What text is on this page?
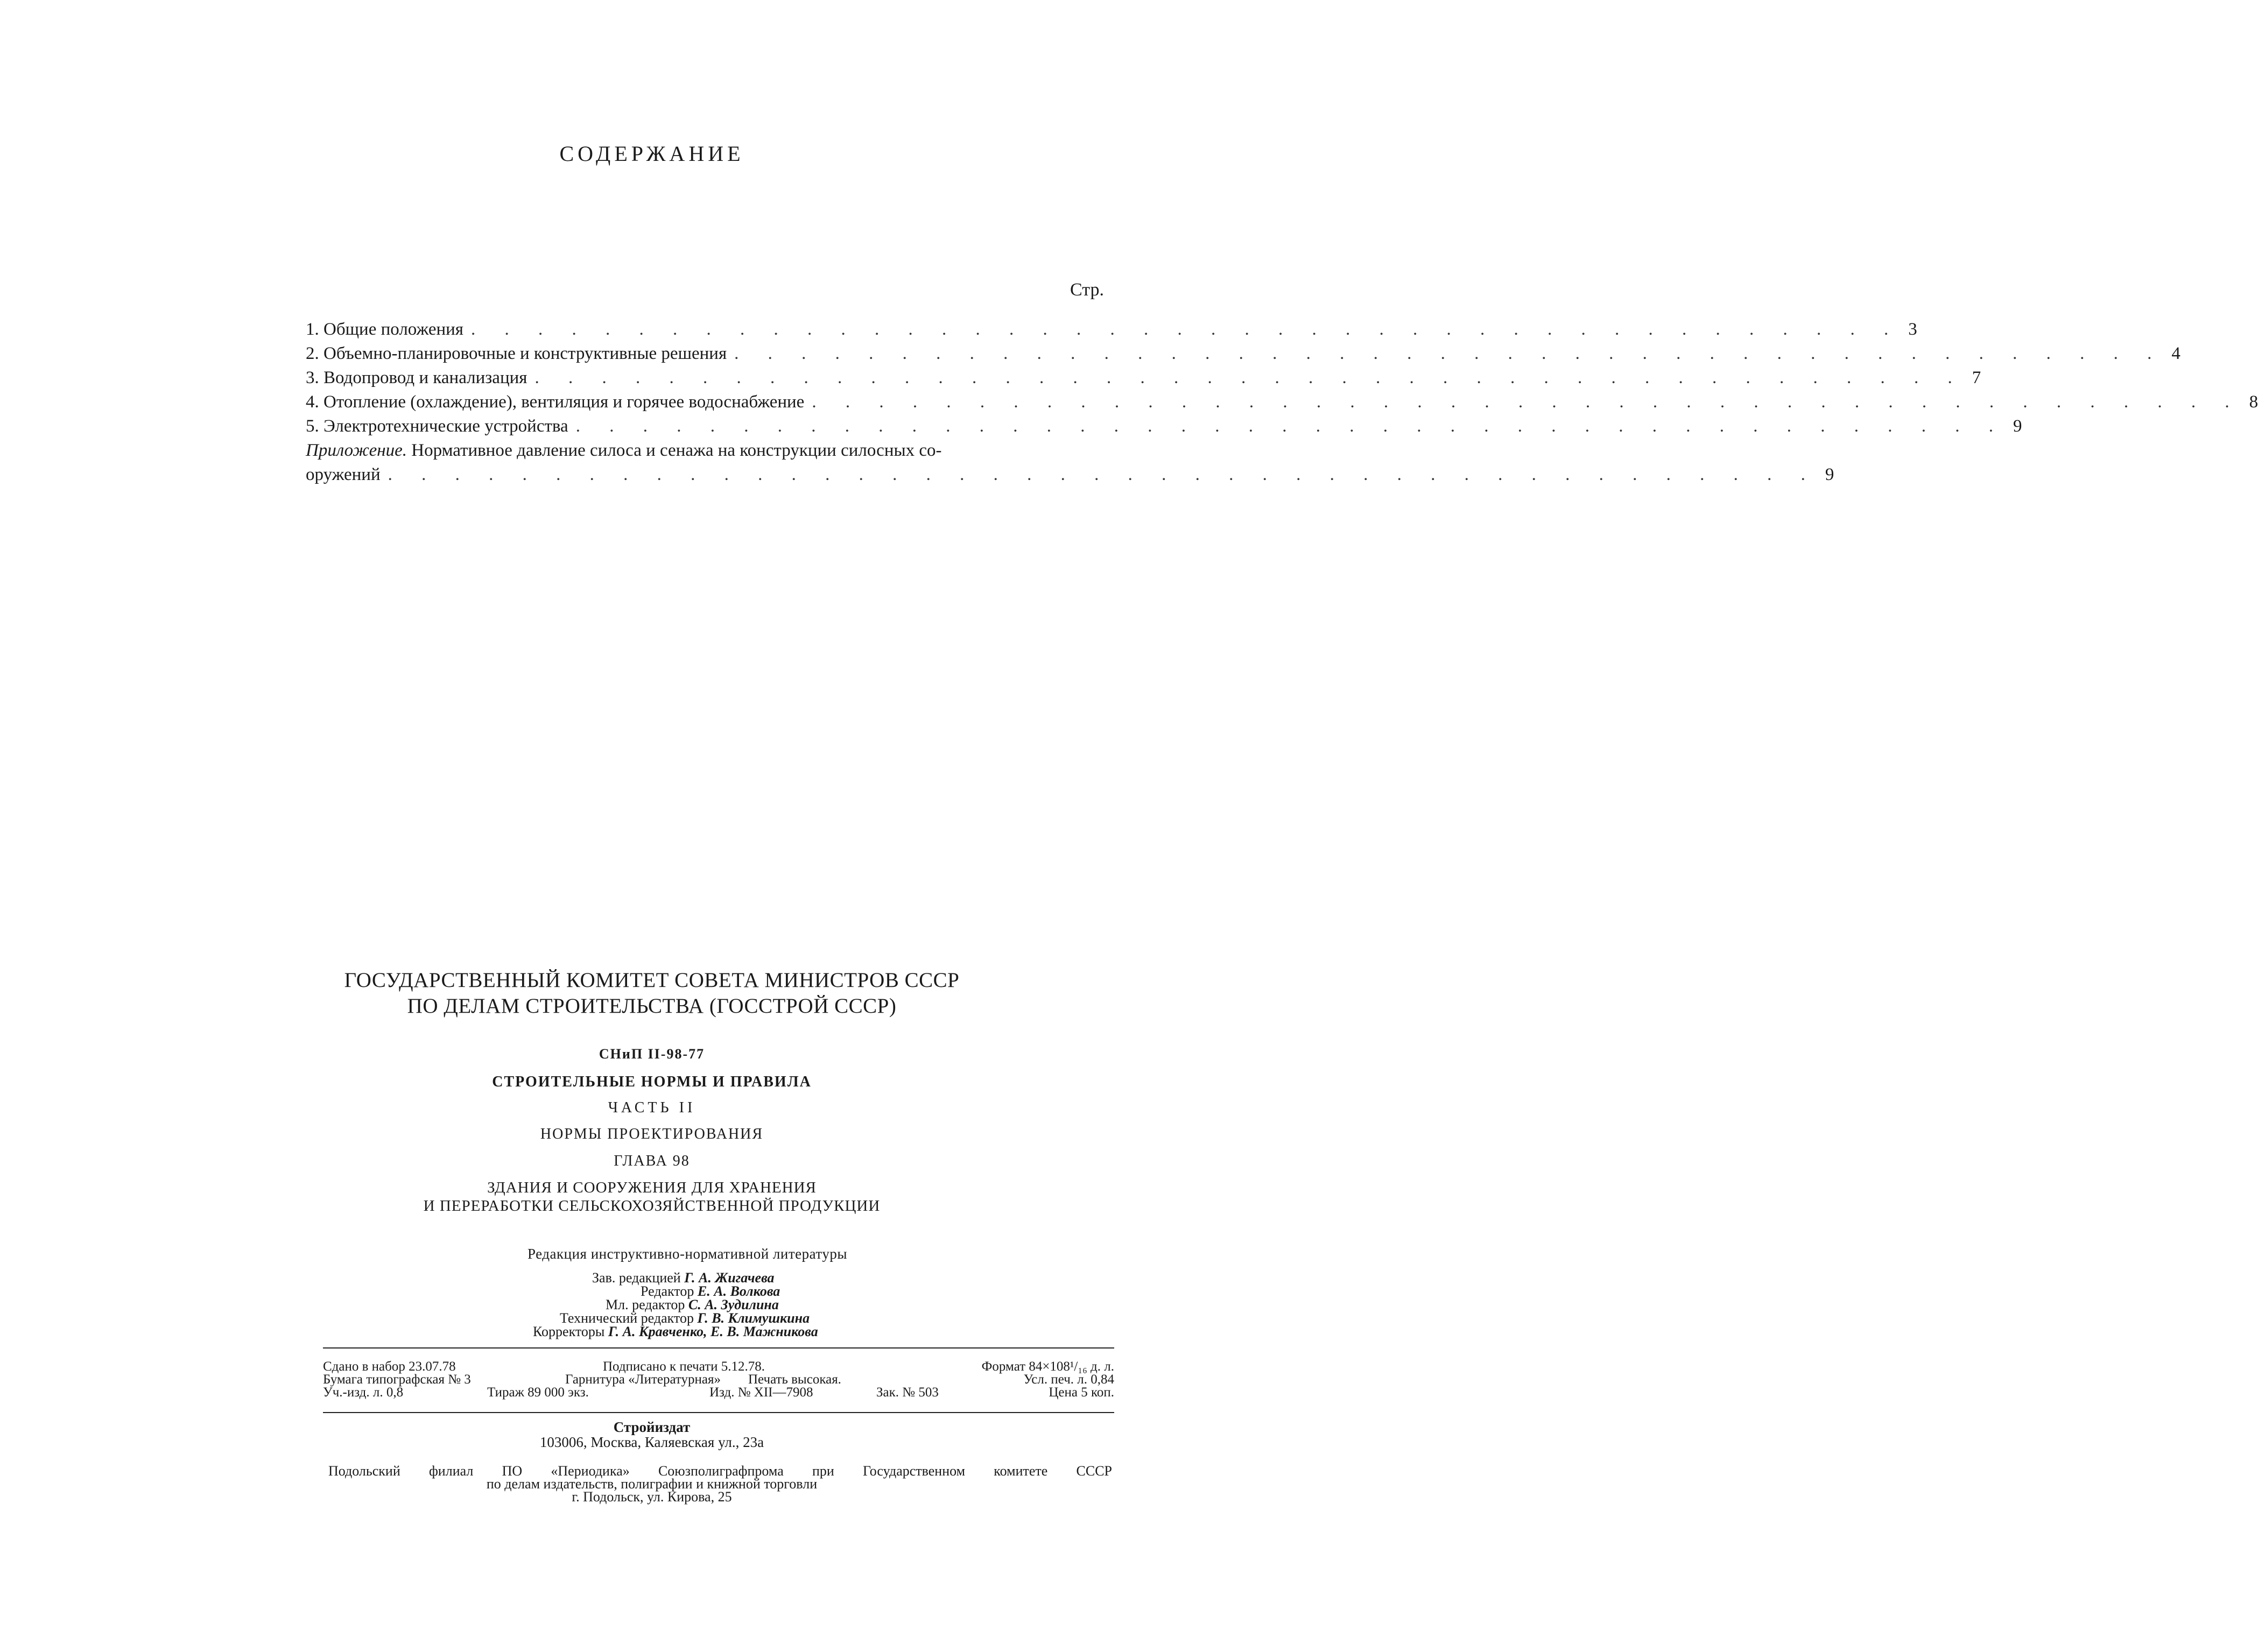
СОДЕРЖАНИЕ
Стр.
1. Общие положения . . . . . . . . . . . . . . . . . . . . . . . . . . . . . . . . . . . . . . . . . . . 3
2. Объемно-планировочные и конструктивные решения . . . . . . . . . . . . . . . . . . . . . . . . . . . . . . . . . . . . . . . . . . . 4
3. Водопровод и канализация . . . . . . . . . . . . . . . . . . . . . . . . . . . . . . . . . . . . . . . . . . . 7
4. Отопление (охлаждение), вентиляция и горячее водоснабжение . . . . . . . . . . . . . . . . . . . . . . . . . . . . . . . . . . . . . . . . . . . 8
5. Электротехнические устройства . . . . . . . . . . . . . . . . . . . . . . . . . . . . . . . . . . . . . . . . . . . 9
Приложение. Нормативное давление силоса и сенажа на конструкции силосных со-
оружений . . . . . . . . . . . . . . . . . . . . . . . . . . . . . . . . . . . . . . . . . . . 9
ГОСУДАРСТВЕННЫЙ КОМИТЕТ СОВЕТА МИНИСТРОВ СССР
ПО ДЕЛАМ СТРОИТЕЛЬСТВА (ГОССТРОЙ СССР)
СНиП II-98-77
СТРОИТЕЛЬНЫЕ НОРМЫ И ПРАВИЛА
ЧАСТЬ II
НОРМЫ ПРОЕКТИРОВАНИЯ
ГЛАВА 98
ЗДАНИЯ И СООРУЖЕНИЯ ДЛЯ ХРАНЕНИЯ
И ПЕРЕРАБОТКИ СЕЛЬСКОХОЗЯЙСТВЕННОЙ ПРОДУКЦИИ
Редакция инструктивно-нормативной литературы
Зав. редакцией Г. А. Жигачева
Редактор Е. А. Волкова
Мл. редактор С. А. Зудилина
Технический редактор Г. В. Климушкина
Корректоры Г. А. Кравченко, Е. В. Мажникова
Сдано в набор 23.07.78	Подписано к печати 5.12.78.	Формат 84×108¹/₁₆ д. л.
Бумага типографская № 3	Гарнитура «Литературная» Печать высокая.	Усл. печ. л. 0,84
Уч.-изд. л. 0,8	Тираж 89 000 экз.	Изд. № XII—7908	Зак. № 503	Цена 5 коп.
Стройиздат
103006, Москва, Каляевская ул., 23а
Подольский филиал ПО «Периодика» Союзполиграфпрома при Государственном комитете СССР
по делам издательств, полиграфии и книжной торговли
г. Подольск, ул. Кирова, 25
